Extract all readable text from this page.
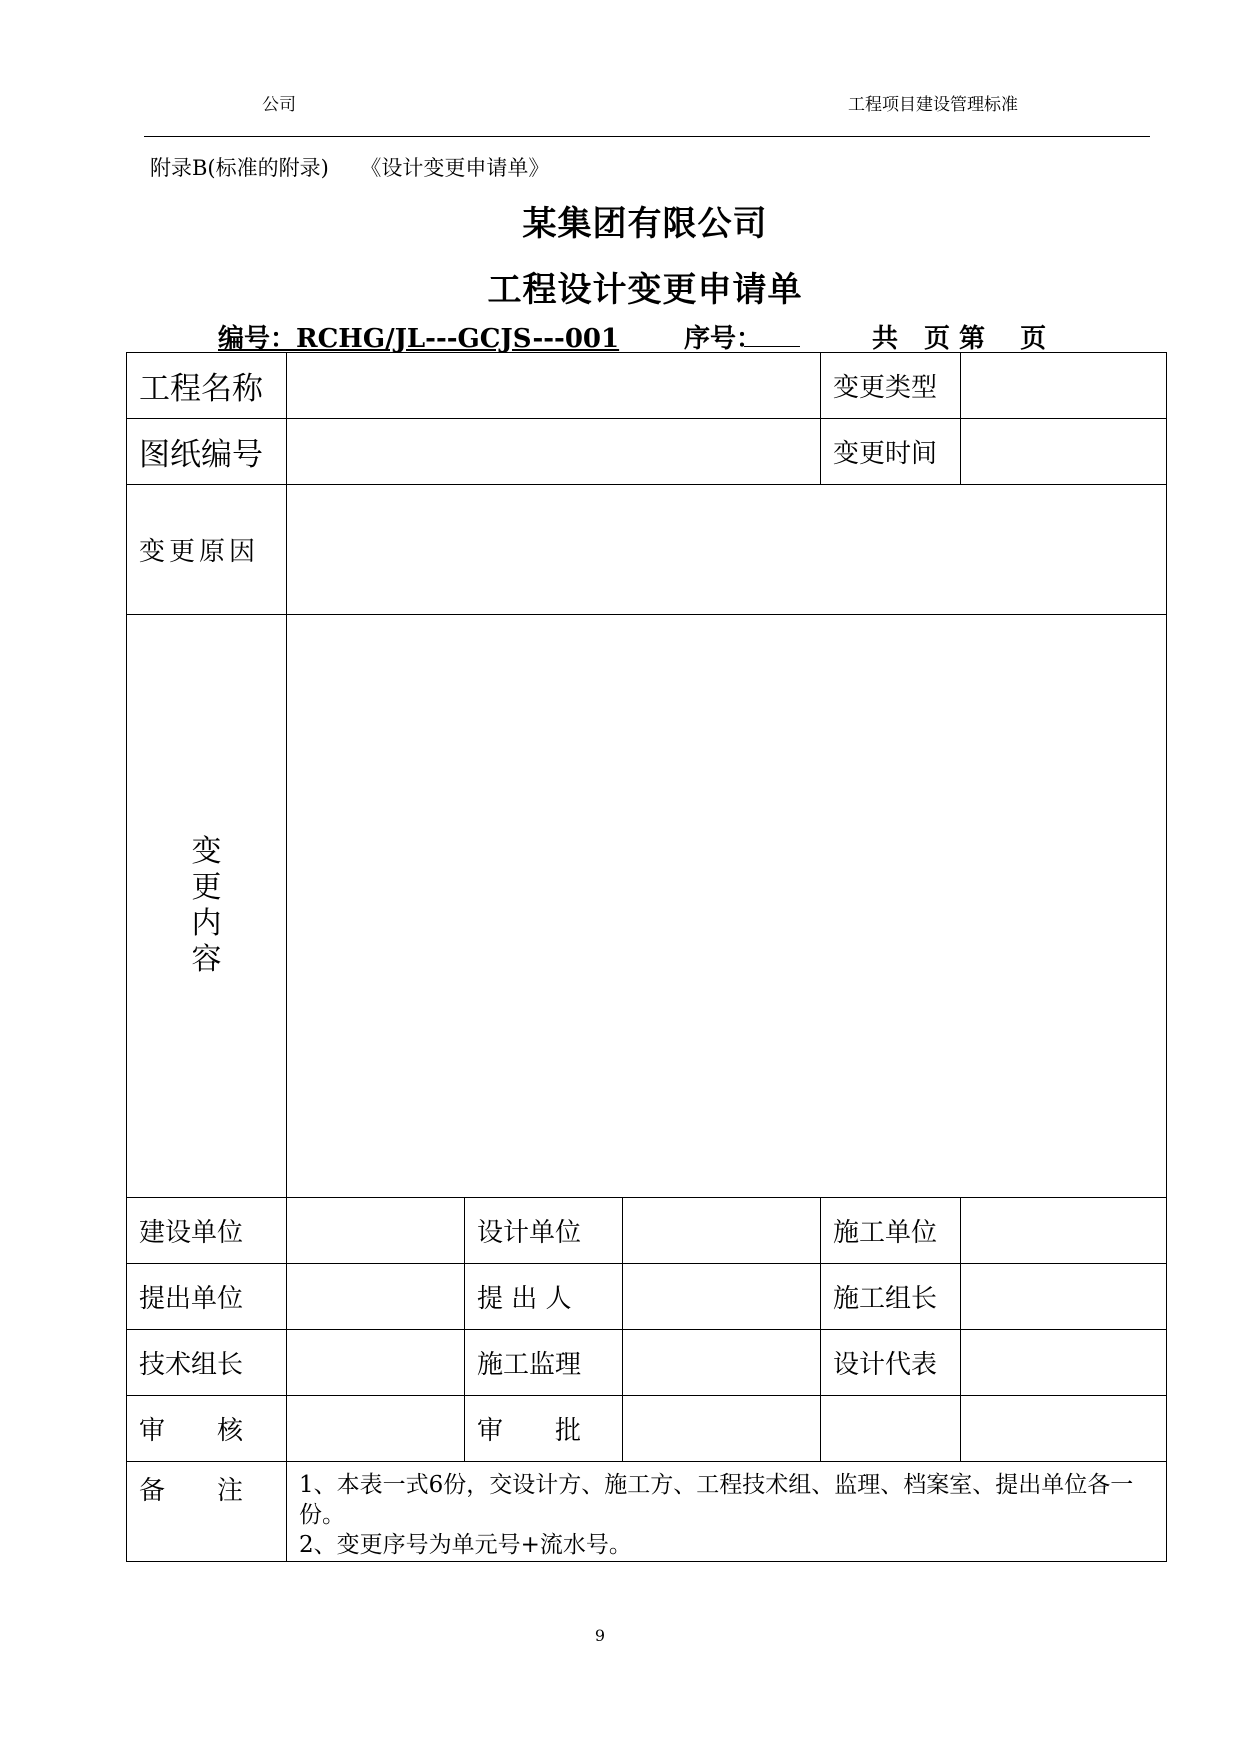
公司	工程项目建设管理标准
附录B(标准的附录)　　《设计变更申请单》
某集团有限公司
工程设计变更申请单
编号：RCHG/JL---GCJS---001 序号：	共　页 第　 页
工程名称				变更类型	
图纸编号				变更时间	
变更原因					
变更内容					
建设单位		设计单位		施工单位	
提出单位		提 出 人		施工组长	
技术组长		施工监理		设计代表	
审　　核		审　　批			
备　　注	1、本表一式6份，交设计方、施工方、工程技术组、监理、档案室、提出单位各一份。
2、变更序号为单元号+流水号。				
9
